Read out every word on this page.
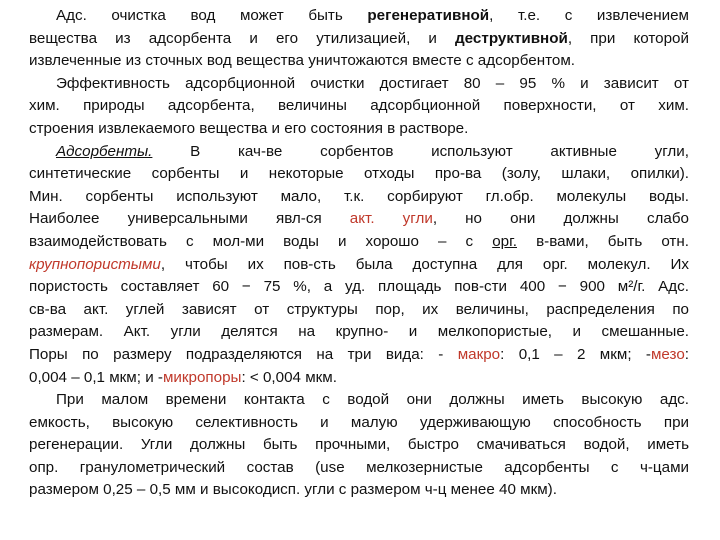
Адс. очистка вод может быть регенеративной, т.е. с извлечением
вещества из адсорбента и его утилизацией, и деструктивной, при которой
извлеченные из сточных вод вещества уничтожаются вместе с адсорбентом.
Эффективность адсорбционной очистки достигает 80 – 95 % и зависит от
хим. природы адсорбента, величины адсорбционной поверхности, от хим.
строения извлекаемого вещества и его состояния в растворе.
Адсорбенты. В кач-ве сорбентов используют активные угли,
синтетические сорбенты и некоторые отходы про-ва (золу, шлаки, опилки).
Мин. сорбенты используют мало, т.к. сорбируют гл.обр. молекулы воды.
Наиболее универсальными явл-ся акт. угли, но они должны слабо
взаимодействовать с мол-ми воды и хорошо – с орг. в-вами, быть отн.
крупнопористыми, чтобы их пов-сть была доступна для орг. молекул. Их
пористость составляет 60 − 75 %, а уд. площадь пов-сти 400 − 900 м²/г. Адс.
св-ва акт. углей зависят от структуры пор, их величины, распределения по
размерам. Акт. угли делятся на крупно- и мелкопористые, и смешанные.
Поры по размеру подразделяются на три вида: - макро: 0,1 – 2 мкм; -мезо:
0,004 – 0,1 мкм; и -микропоры: < 0,004 мкм.
При малом времени контакта с водой они должны иметь высокую адс.
емкость, высокую селективность и малую удерживающую способность при
регенерации. Угли должны быть прочными, быстро смачиваться водой, иметь
опр. гранулометрический состав (use мелкозернистые адсорбенты с ч-цами
размером 0,25 – 0,5 мм и высокодисп. угли с размером ч-ц менее 40 мкм).
